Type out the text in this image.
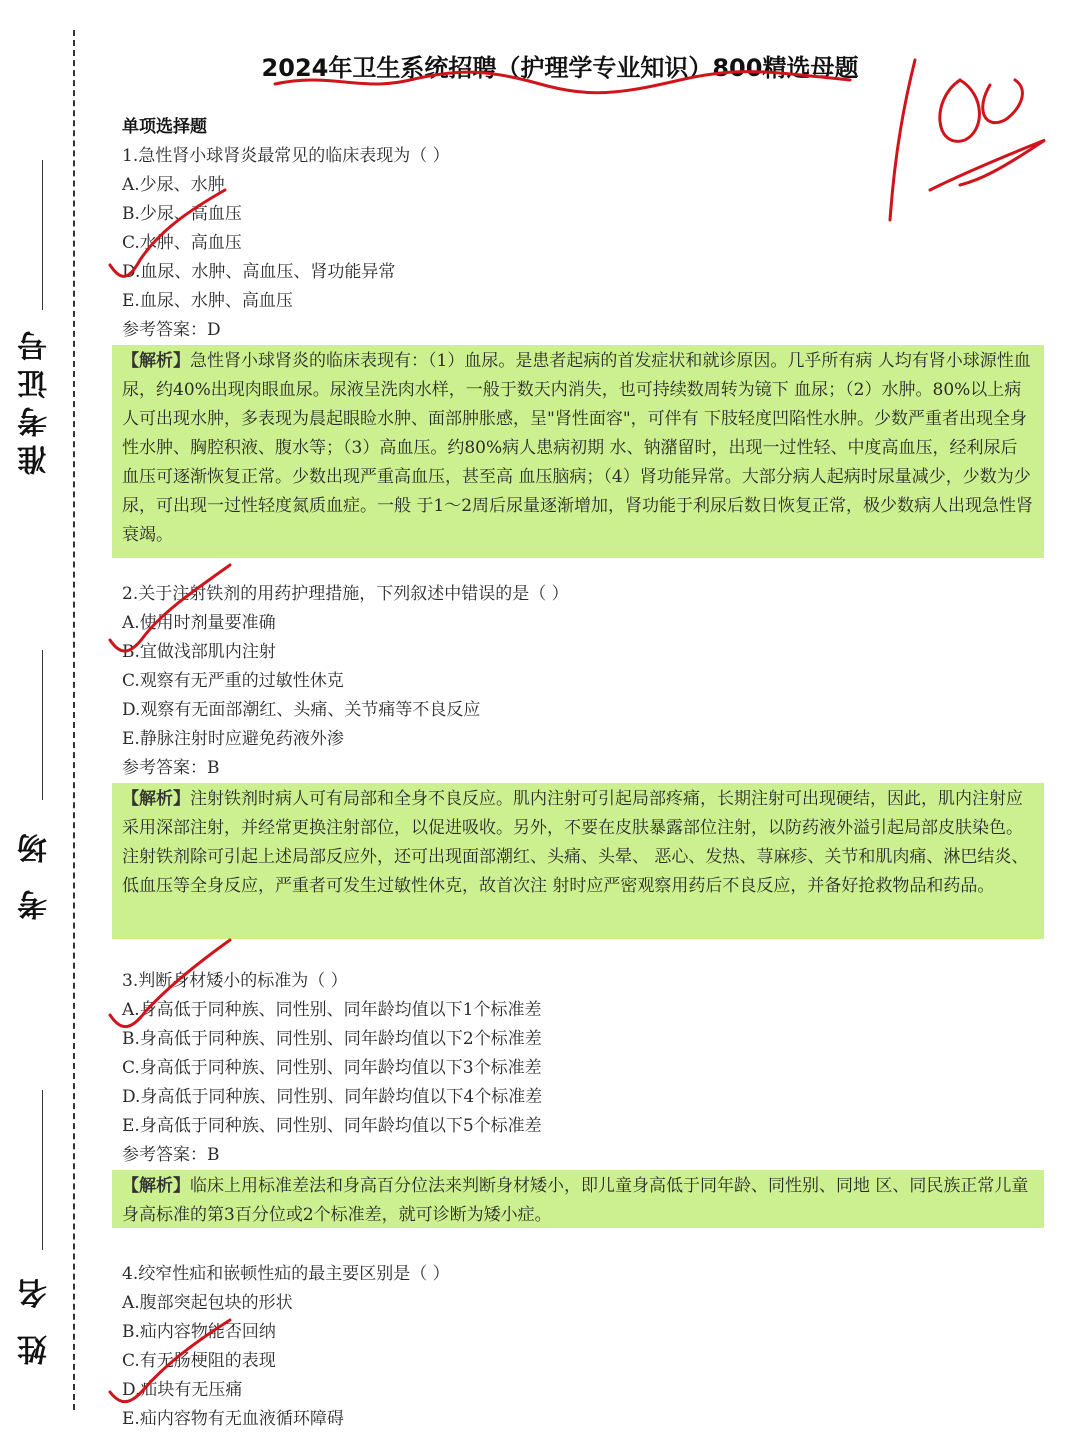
准考证号
考 场
姓 名
2024年卫生系统招聘（护理学专业知识）800精选母题
单项选择题
1.急性肾小球肾炎最常见的临床表现为（ ）
A.少尿、水肿
B.少尿、高血压
C.水肿、高血压
D.血尿、水肿、高血压、肾功能异常
E.血尿、水肿、高血压
参考答案：D
【解析】急性肾小球肾炎的临床表现有：（1）血尿。是患者起病的首发症状和就诊原因。几乎所有病 人均有肾小球源性血尿，约40%出现肉眼血尿。尿液呈洗肉水样，一般于数天内消失，也可持续数周转为镜下 血尿；（2）水肿。80%以上病人可出现水肿，多表现为晨起眼睑水肿、面部肿胀感，呈"肾性面容"，可伴有 下肢轻度凹陷性水肿。少数严重者出现全身性水肿、胸腔积液、腹水等；（3）高血压。约80%病人患病初期 水、钠潴留时，出现一过性轻、中度高血压，经利尿后血压可逐渐恢复正常。少数出现严重高血压，甚至高 血压脑病；（4）肾功能异常。大部分病人起病时尿量减少，少数为少尿，可出现一过性轻度氮质血症。一般 于1～2周后尿量逐渐增加，肾功能于利尿后数日恢复正常，极少数病人出现急性肾衰竭。
2.关于注射铁剂的用药护理措施，下列叙述中错误的是（ ）
A.使用时剂量要准确
B.宜做浅部肌内注射
C.观察有无严重的过敏性休克
D.观察有无面部潮红、头痛、关节痛等不良反应
E.静脉注射时应避免药液外渗
参考答案：B
【解析】注射铁剂时病人可有局部和全身不良反应。肌内注射可引起局部疼痛，长期注射可出现硬结，因此，肌内注射应采用深部注射，并经常更换注射部位，以促进吸收。另外，不要在皮肤暴露部位注射，以防药液外溢引起局部皮肤染色。注射铁剂除可引起上述局部反应外，还可出现面部潮红、头痛、头晕、 恶心、发热、荨麻疹、关节和肌肉痛、淋巴结炎、低血压等全身反应，严重者可发生过敏性休克，故首次注 射时应严密观察用药后不良反应，并备好抢救物品和药品。
3.判断身材矮小的标准为（ ）
A.身高低于同种族、同性别、同年龄均值以下1个标准差
B.身高低于同种族、同性别、同年龄均值以下2个标准差
C.身高低于同种族、同性别、同年龄均值以下3个标准差
D.身高低于同种族、同性别、同年龄均值以下4个标准差
E.身高低于同种族、同性别、同年龄均值以下5个标准差
参考答案：B
【解析】临床上用标准差法和身高百分位法来判断身材矮小，即儿童身高低于同年龄、同性别、同地 区、同民族正常儿童身高标准的第3百分位或2个标准差，就可诊断为矮小症。
4.绞窄性疝和嵌顿性疝的最主要区别是（ ）
A.腹部突起包块的形状
B.疝内容物能否回纳
C.有无肠梗阻的表现
D.疝块有无压痛
E.疝内容物有无血液循环障碍
